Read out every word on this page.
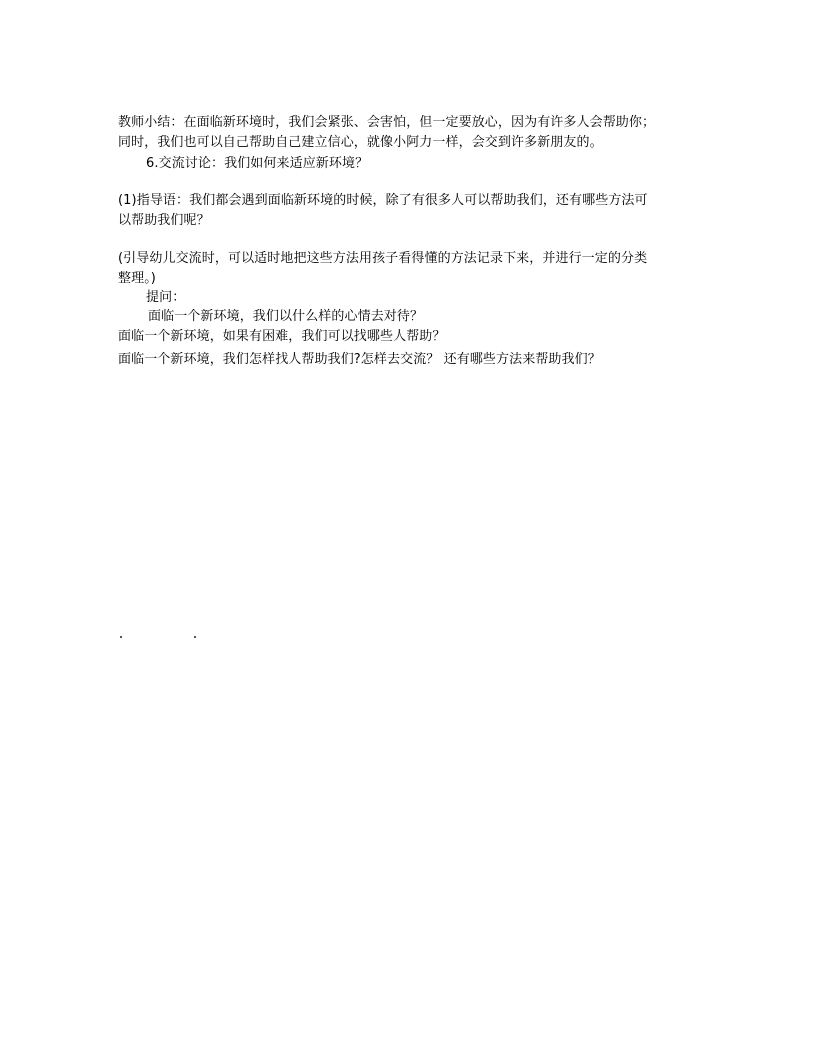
教师小结：在面临新环境时，我们会紧张、会害怕，但一定要放心，因为有许多人会帮助你；
同时，我们也可以自己帮助自己建立信心，就像小阿力一样，会交到许多新朋友的。
6.交流讨论：我们如何来适应新环境？
(1)指导语：我们都会遇到面临新环境的时候，除了有很多人可以帮助我们，还有哪些方法可
以帮助我们呢？
(引导幼儿交流时，可以适时地把这些方法用孩子看得懂的方法记录下来，并进行一定的分类
整理。)
提问：
面临一个新环境，我们以什么样的心情去对待？
面临一个新环境，如果有困难，我们可以找哪些人帮助？
面临一个新环境，我们怎样找人帮助我们?怎样去交流？ 还有哪些方法来帮助我们？
